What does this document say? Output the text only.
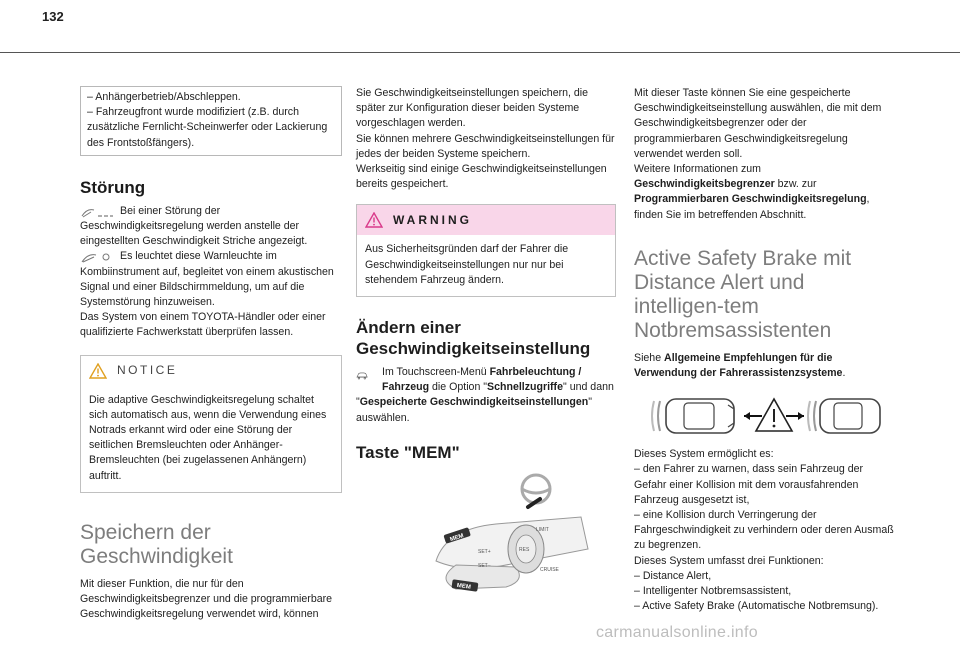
132
– Anhängerbetrieb/Abschleppen.
– Fahrzeugfront wurde modifiziert (z.B. durch zusätzliche Fernlicht-Scheinwerfer oder Lackierung des Frontstoßfängers).
Störung
Bei einer Störung der Geschwindigkeitsregelung werden anstelle der eingestellten Geschwindigkeit Striche angezeigt.
Es leuchtet diese Warnleuchte im Kombiinstrument auf, begleitet von einem akustischen Signal und einer Bildschirmmeldung, um auf die Systemstörung hinzuweisen.
Das System von einem TOYOTA-Händler oder einer qualifizierte Fachwerkstatt überprüfen lassen.
NOTICE
Die adaptive Geschwindigkeitsregelung schaltet sich automatisch aus, wenn die Verwendung eines Notrads erkannt wird oder eine Störung der seitlichen Bremsleuchten oder Anhänger-Bremsleuchten (bei zugelassenen Anhängern) auftritt.
Speichern der Geschwindigkeit
Mit dieser Funktion, die nur für den Geschwindigkeitsbegrenzer und die programmierbare Geschwindigkeitsregelung verwendet wird, können
Sie Geschwindigkeitseinstellungen speichern, die später zur Konfiguration dieser beiden Systeme vorgeschlagen werden.
Sie können mehrere Geschwindigkeitseinstellungen für jedes der beiden Systeme speichern.
Werkseitig sind einige Geschwindigkeitseinstellungen bereits gespeichert.
WARNING
Aus Sicherheitsgründen darf der Fahrer die Geschwindigkeitseinstellungen nur nur bei stehendem Fahrzeug ändern.
Ändern einer Geschwindigkeitseinstellung
Im Touchscreen-Menü Fahrbeleuchtung / Fahrzeug die Option "Schnellzugriffe" und dann "Gespeicherte Geschwindigkeitseinstellungen" auswählen.
Taste "MEM"
MEM
MEM
SET+
SET–
RES
LIMIT
CRUISE
Mit dieser Taste können Sie eine gespeicherte Geschwindigkeitseinstellung auswählen, die mit dem Geschwindigkeitsbegrenzer oder der programmierbaren Geschwindigkeitsregelung verwendet werden soll.
Weitere Informationen zum Geschwindigkeitsbegrenzer bzw. zur Programmierbaren Geschwindigkeitsregelung, finden Sie im betreffenden Abschnitt.
Active Safety Brake mit Distance Alert und intelligen-tem Notbremsassistenten
Siehe Allgemeine Empfehlungen für die Verwendung der Fahrerassistenzsysteme.
Dieses System ermöglicht es:
– den Fahrer zu warnen, dass sein Fahrzeug der Gefahr einer Kollision mit dem vorausfahrenden Fahrzeug ausgesetzt ist,
– eine Kollision durch Verringerung der Fahrgeschwindigkeit zu verhindern oder deren Ausmaß zu begrenzen.
Dieses System umfasst drei Funktionen:
– Distance Alert,
– Intelligenter Notbremsassistent,
– Active Safety Brake (Automatische Notbremsung).
carmanualsonline.info
